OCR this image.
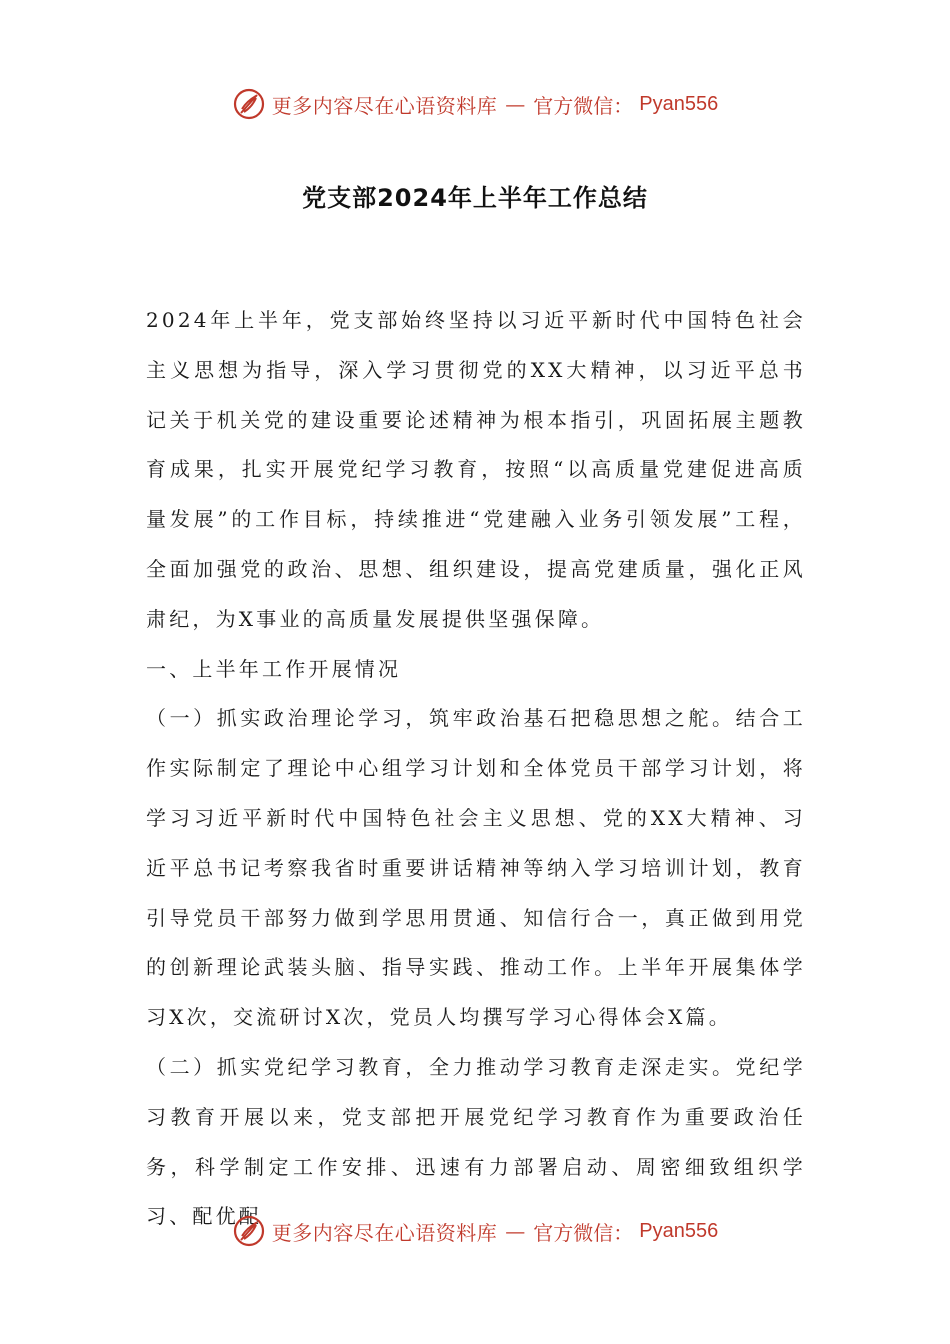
更多内容尽在心语资料库 — 官方微信： Pyan556
党支部2024年上半年工作总结

2024年上半年，党支部始终坚持以习近平新时代中国特色社会主义思想为指导，深入学习贯彻党的XX大精神，以习近平总书记关于机关党的建设重要论述精神为根本指引，巩固拓展主题教育成果，扎实开展党纪学习教育，按照“以高质量党建促进高质量发展”的工作目标，持续推进“党建融入业务引领发展”工程，全面加强党的政治、思想、组织建设，提高党建质量，强化正风肃纪，为X事业的高质量发展提供坚强保障。

一、上半年工作开展情况

（一）抓实政治理论学习，筑牢政治基石把稳思想之舵。结合工作实际制定了理论中心组学习计划和全体党员干部学习计划，将学习习近平新时代中国特色社会主义思想、党的XX大精神、习近平总书记考察我省时重要讲话精神等纳入学习培训计划，教育引导党员干部努力做到学思用贯通、知信行合一，真正做到用党的创新理论武装头脑、指导实践、推动工作。上半年开展集体学习X次，交流研讨X次，党员人均撰写学习心得体会X篇。

（二）抓实党纪学习教育，全力推动学习教育走深走实。党纪学习教育开展以来，党支部把开展党纪学习教育作为重要政治任务，科学制定工作安排、迅速有力部署启动、周密细致组织学习、配优配

更多内容尽在心语资料库 — 官方微信： Pyan556
